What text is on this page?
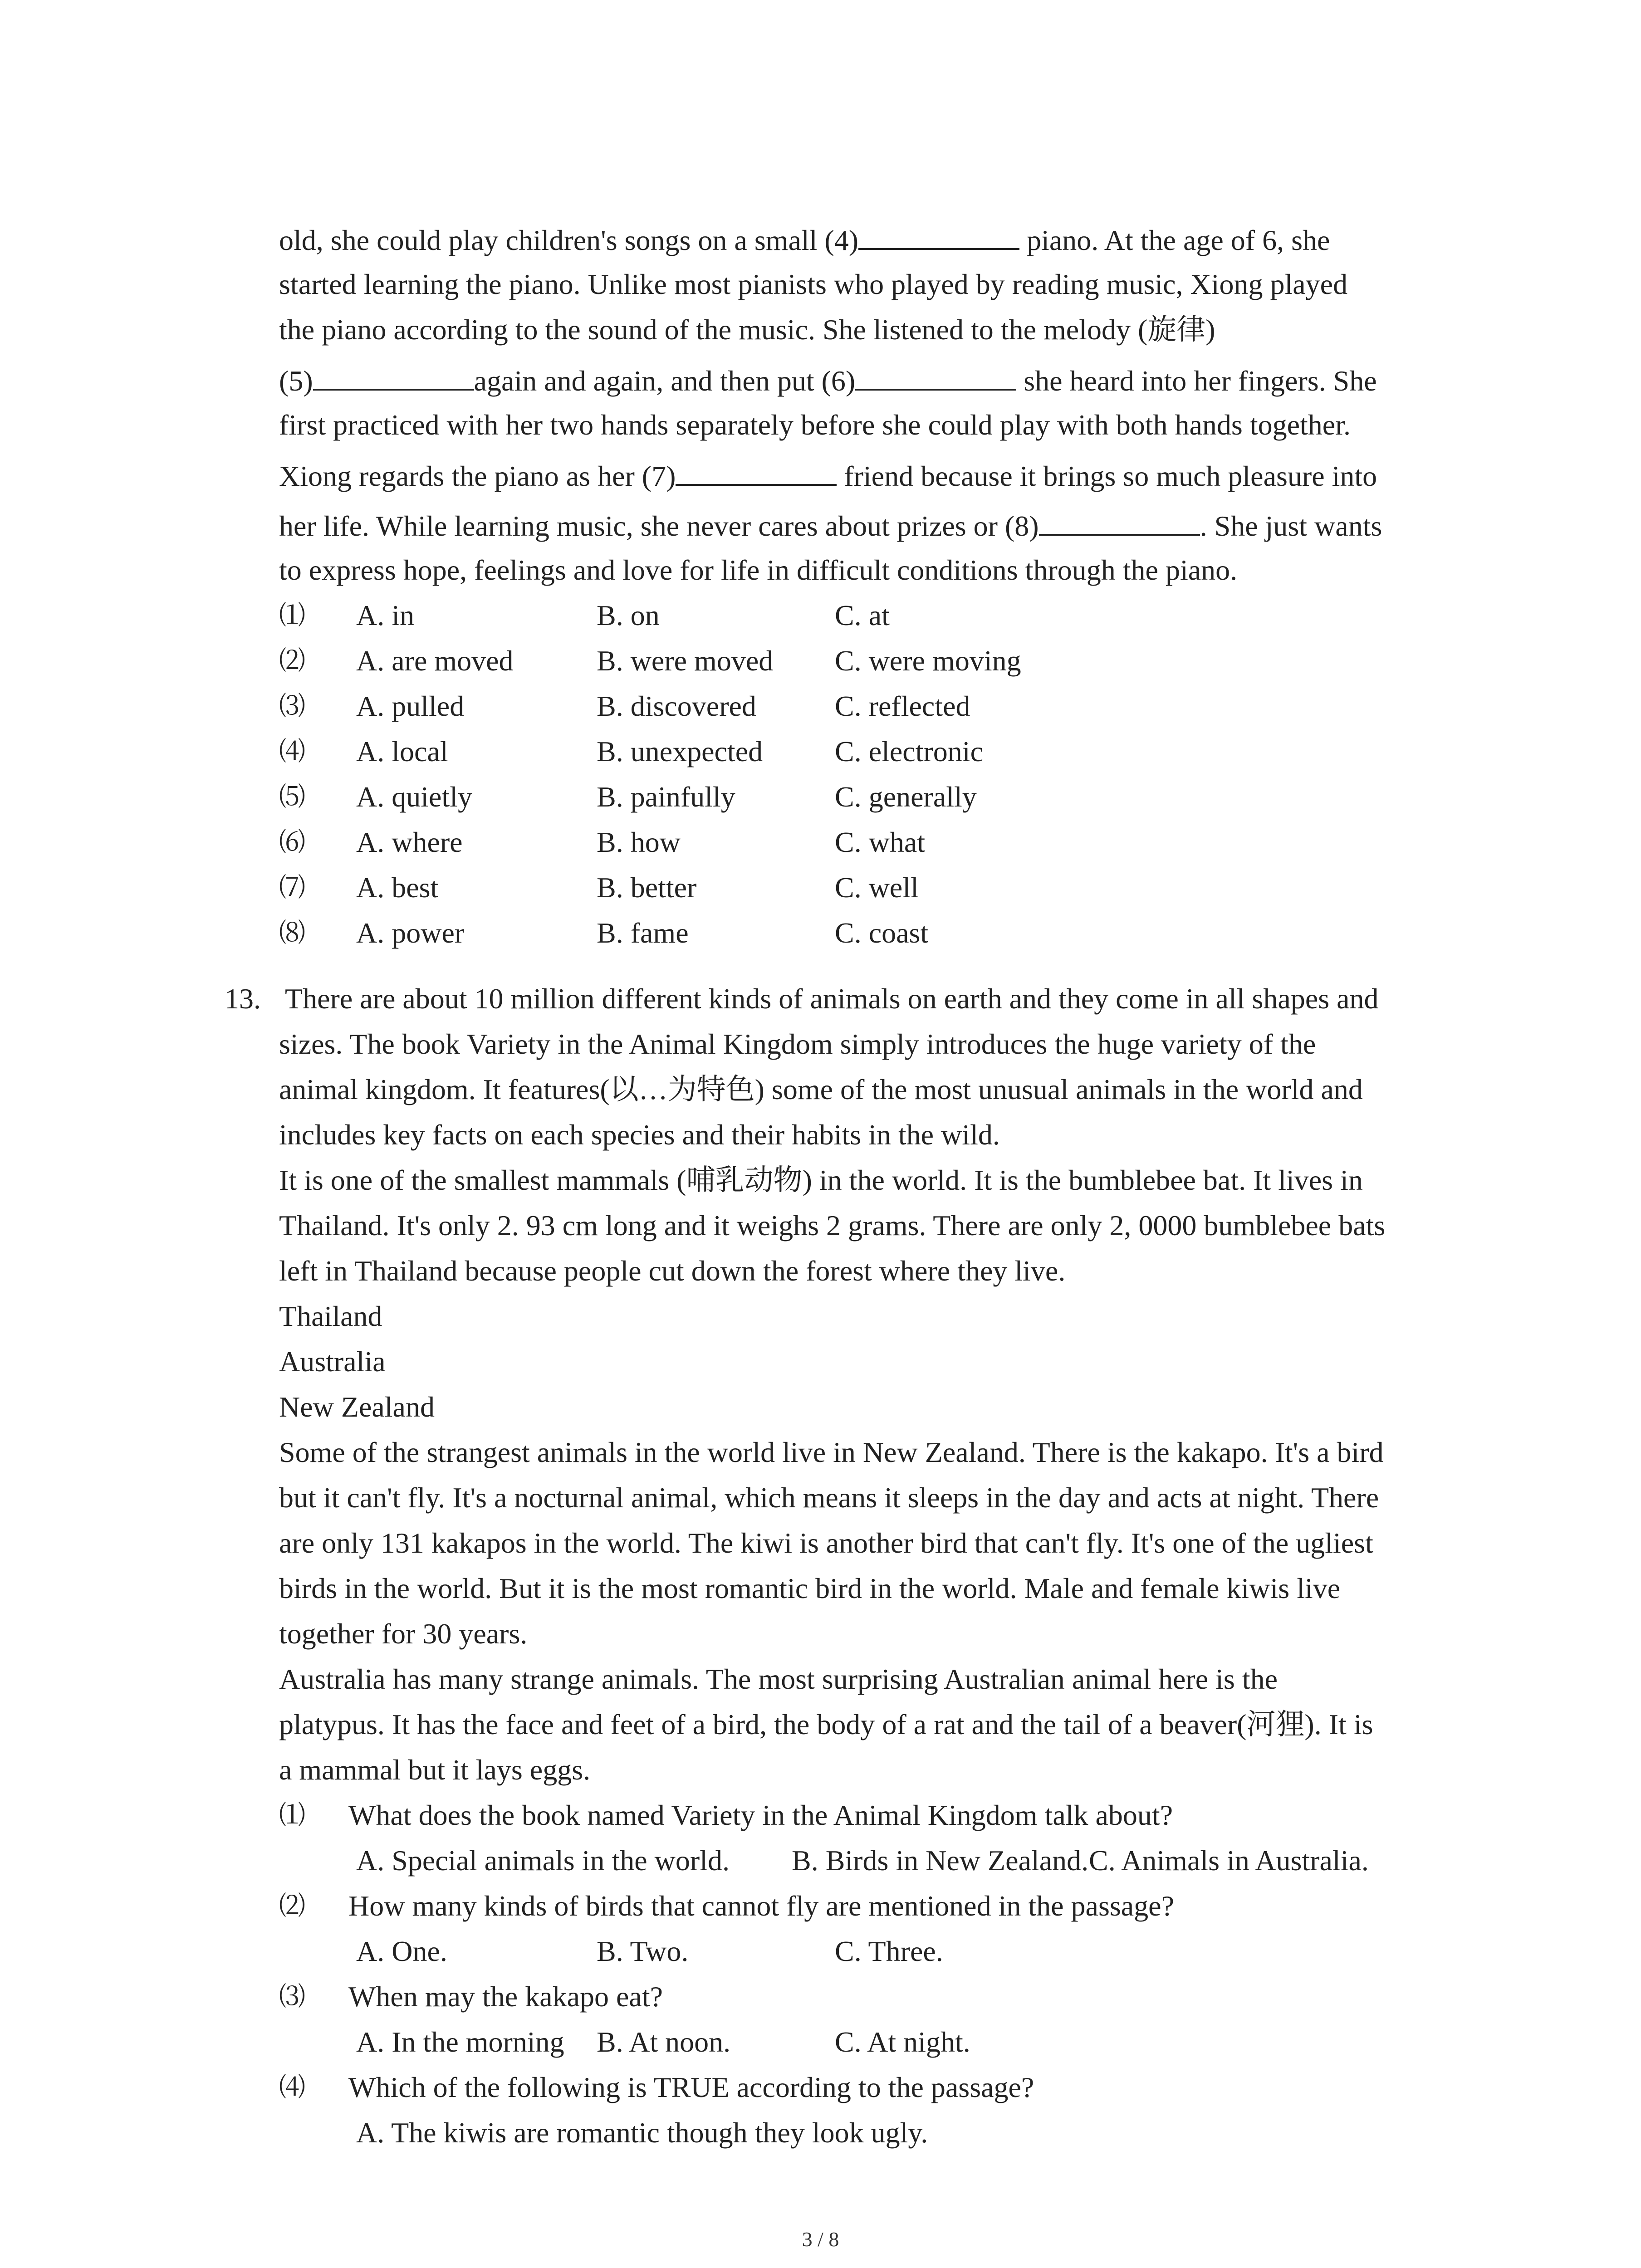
old, she could play children's songs on a small (4)	piano. At the age of 6, she
started learning the piano. Unlike most pianists who played by reading music, Xiong played
the piano according to the sound of the music. She listened to the melody (旋律)
(5)	again and again, and then put (6)	she heard into her fingers. She
first practiced with her two hands separately before she could play with both hands together.
Xiong regards the piano as her (7)	friend because it brings so much pleasure into
her life. While learning music, she never cares about prizes or (8)	. She just wants
to express hope, feelings and love for life in difficult conditions through the piano.
⑴ A. in	B. on	C. at
⑵ A. are moved	B. were moved C. were moving
⑶ A. pulled	B. discovered	C. reflected
⑷ A. local	B. unexpected C. electronic
⑸ A. quietly	B. painfully	C. generally
⑹ A. where	B. how	C. what
⑺ A. best	B. better	C. well
⑻ A. power	B. fame	C. coast
13. There are about 10 million different kinds of animals on earth and they come in all shapes and
sizes. The book Variety in the Animal Kingdom simply introduces the huge variety of the
animal kingdom. It features(以…为特色) some of the most unusual animals in the world and
includes key facts on each species and their habits in the wild.
It is one of the smallest mammals (哺乳动物) in the world. It is the bumblebee bat. It lives in
Thailand. It's only 2. 93 cm long and it weighs 2 grams. There are only 2, 0000 bumblebee bats
left in Thailand because people cut down the forest where they live.
Thailand
Australia
New Zealand
Some of the strangest animals in the world live in New Zealand. There is the kakapo. It's a bird
but it can't fly. It's a nocturnal animal, which means it sleeps in the day and acts at night. There
are only 131 kakapos in the world. The kiwi is another bird that can't fly. It's one of the ugliest
birds in the world. But it is the most romantic bird in the world. Male and female kiwis live
together for 30 years.
Australia has many strange animals. The most surprising Australian animal here is the
platypus. It has the face and feet of a bird, the body of a rat and the tail of a beaver(河狸). It is
a mammal but it lays eggs.
⑴ What does the book named Variety in the Animal Kingdom talk about?
A. Special animals in the world. B. Birds in New Zealand. C. Animals in Australia.
⑵ How many kinds of birds that cannot fly are mentioned in the passage?
A. One.	B. Two.	C. Three.
⑶ When may the kakapo eat?
A. In the morning B. At noon.	C. At night.
⑷ Which of the following is TRUE according to the passage?
A. The kiwis are romantic though they look ugly.
3 / 8
